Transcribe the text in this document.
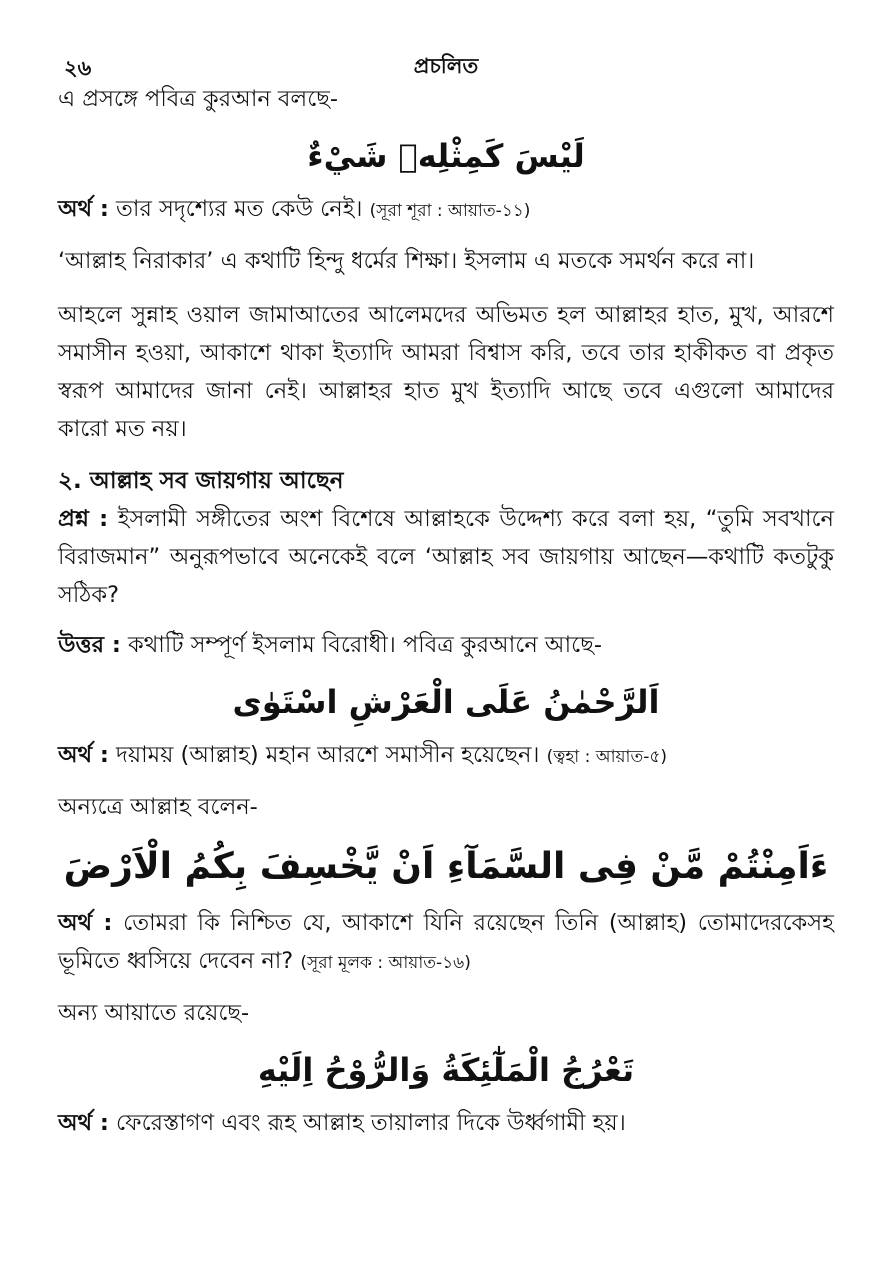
২৬	প্রচলিত

এ প্রসঙ্গে পবিত্র কুরআন বলছে-

لَيْسَ كَمِثْلِهٖ شَيْءٌ

অর্থ : তার সদৃশ্যের মত কেউ নেই। (সূরা শূরা : আয়াত-১১)

‘আল্লাহ নিরাকার’ এ কথাটি হিন্দু ধর্মের শিক্ষা। ইসলাম এ মতকে সমর্থন করে না।

আহলে সুন্নাহ ওয়াল জামাআতের আলেমদের অভিমত হল আল্লাহর হাত, মুখ, আরশে সমাসীন হওয়া, আকাশে থাকা ইত্যাদি আমরা বিশ্বাস করি, তবে তার হাকীকত বা প্রকৃত স্বরূপ আমাদের জানা নেই। আল্লাহর হাত মুখ ইত্যাদি আছে তবে এগুলো আমাদের কারো মত নয়।

২. আল্লাহ সব জায়গায় আছেন

প্রশ্ন : ইসলামী সঙ্গীতের অংশ বিশেষে আল্লাহকে উদ্দেশ্য করে বলা হয়, “তুমি সবখানে বিরাজমান” অনুরূপভাবে অনেকেই বলে ‘আল্লাহ সব জায়গায় আছেন—কথাটি কতটুকু সঠিক?

উত্তর : কথাটি সম্পূর্ণ ইসলাম বিরোধী। পবিত্র কুরআনে আছে-

اَلرَّحْمٰنُ عَلَى الْعَرْشِ اسْتَوٰى

অর্থ : দয়াময় (আল্লাহ) মহান আরশে সমাসীন হয়েছেন। (ত্বহা : আয়াত-৫)

অন্যত্রে আল্লাহ বলেন-

ءَاَمِنْتُمْ مَّنْ فِى السَّمَآءِ اَنْ يَّخْسِفَ بِكُمُ الْاَرْضَ

অর্থ : তোমরা কি নিশ্চিত যে, আকাশে যিনি রয়েছেন তিনি (আল্লাহ) তোমাদেরকেসহ ভূমিতে ধ্বসিয়ে দেবেন না? (সূরা মূলক : আয়াত-১৬)

অন্য আয়াতে রয়েছে-

تَعْرُجُ الْمَلٰٓئِكَةُ وَالرُّوْحُ اِلَيْهِ

অর্থ : ফেরেস্তাগণ এবং রূহ আল্লাহ তায়ালার দিকে উর্ধ্বগামী হয়।
